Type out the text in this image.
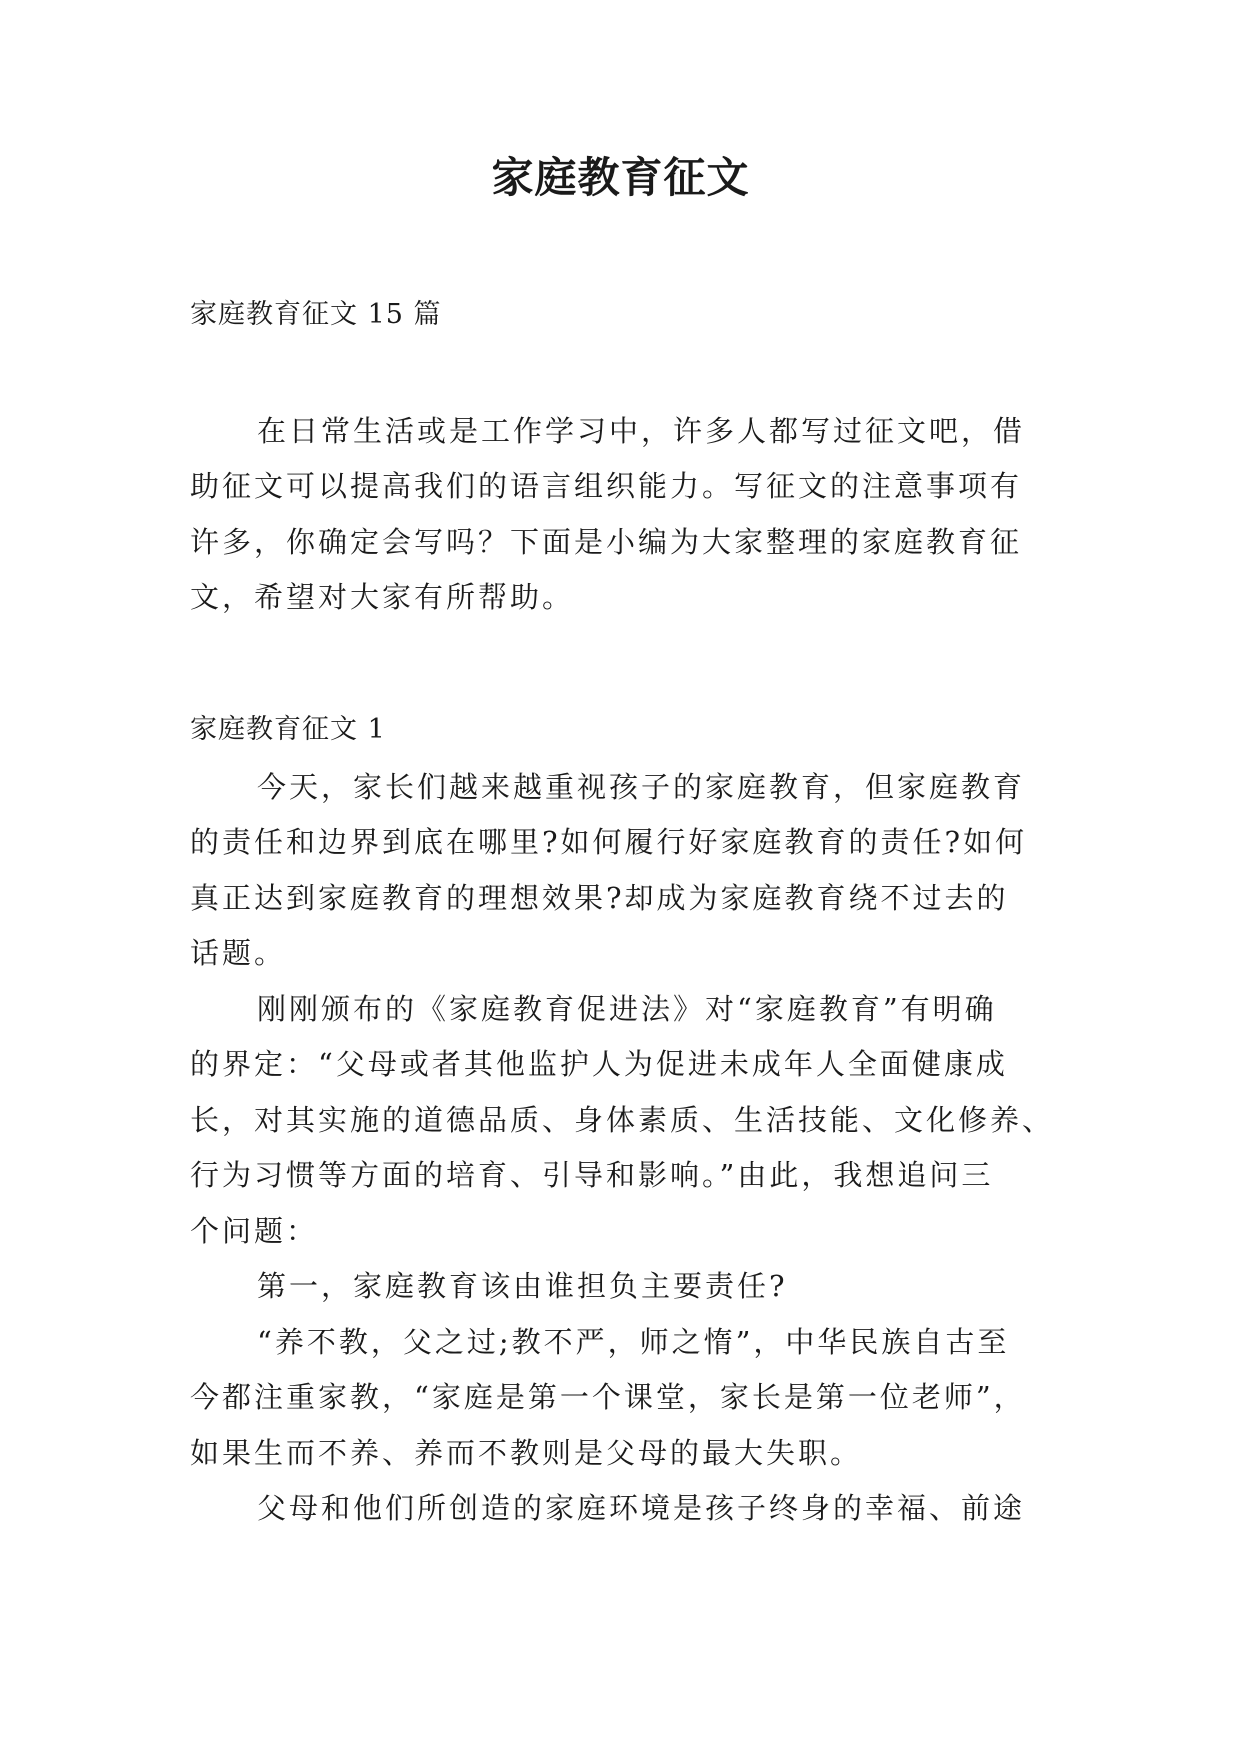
家庭教育征文
家庭教育征文 15 篇
在日常生活或是工作学习中，许多人都写过征文吧，借
助征文可以提高我们的语言组织能力。写征文的注意事项有
许多，你确定会写吗？下面是小编为大家整理的家庭教育征
文，希望对大家有所帮助。
家庭教育征文 1
今天，家长们越来越重视孩子的家庭教育，但家庭教育
的责任和边界到底在哪里?如何履行好家庭教育的责任?如何
真正达到家庭教育的理想效果?却成为家庭教育绕不过去的
话题。
刚刚颁布的《家庭教育促进法》对“家庭教育”有明确
的界定：“父母或者其他监护人为促进未成年人全面健康成
长，对其实施的道德品质、身体素质、生活技能、文化修养、
行为习惯等方面的培育、引导和影响。”由此，我想追问三
个问题：
第一，家庭教育该由谁担负主要责任?
“养不教，父之过;教不严，师之惰”，中华民族自古至
今都注重家教，“家庭是第一个课堂，家长是第一位老师”，
如果生而不养、养而不教则是父母的最大失职。
父母和他们所创造的家庭环境是孩子终身的幸福、前途
